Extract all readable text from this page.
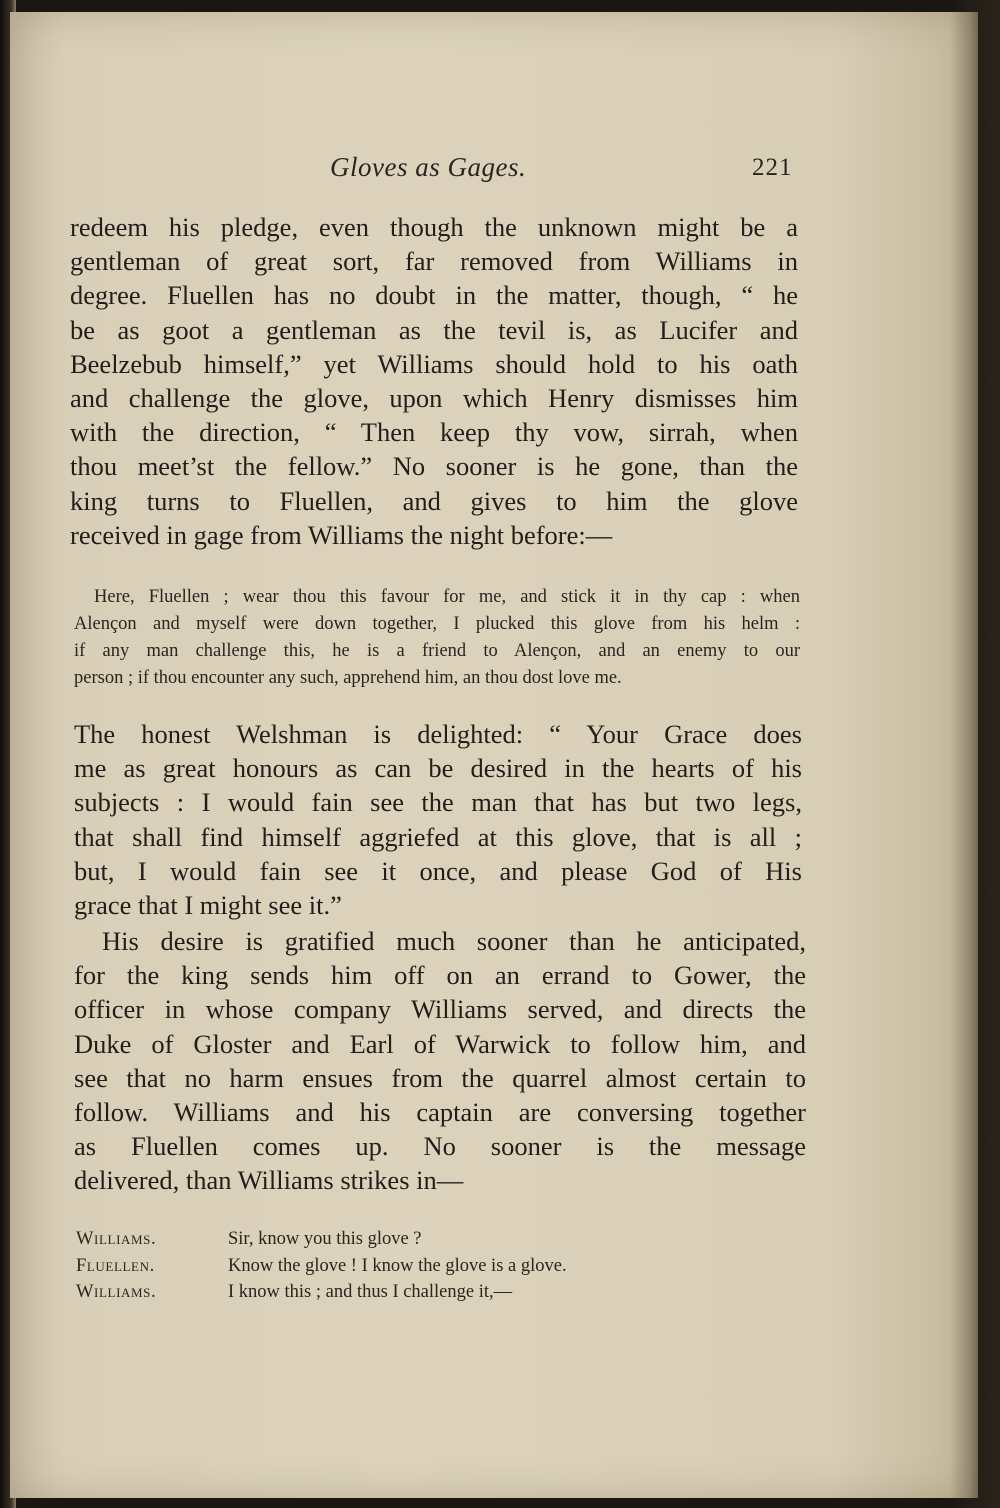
Gloves as Gages.	221
redeem his pledge, even though the unknown might be a
gentleman of great sort, far removed from Williams in
degree. Fluellen has no doubt in the matter, though, “ he
be as goot a gentleman as the tevil is, as Lucifer and
Beelzebub himself,” yet Williams should hold to his oath
and challenge the glove, upon which Henry dismisses him
with the direction, “ Then keep thy vow, sirrah, when
thou meet’st the fellow.” No sooner is he gone, than the
king turns to Fluellen, and gives to him the glove
received in gage from Williams the night before:—
Here, Fluellen ; wear thou this favour for me, and stick it in thy cap : when
Alençon and myself were down together, I plucked this glove from his helm :
if any man challenge this, he is a friend to Alençon, and an enemy to our
person ; if thou encounter any such, apprehend him, an thou dost love me.
The honest Welshman is delighted: “ Your Grace does
me as great honours as can be desired in the hearts of his
subjects : I would fain see the man that has but two legs,
that shall find himself aggriefed at this glove, that is all ;
but, I would fain see it once, and please God of His
grace that I might see it.”
His desire is gratified much sooner than he anticipated,
for the king sends him off on an errand to Gower, the
officer in whose company Williams served, and directs the
Duke of Gloster and Earl of Warwick to follow him, and
see that no harm ensues from the quarrel almost certain to
follow. Williams and his captain are conversing together
as Fluellen comes up. No sooner is the message
delivered, than Williams strikes in—
Williams.	Sir, know you this glove ?
Fluellen.	Know the glove ! I know the glove is a glove.
Williams.	I know this ; and thus I challenge it,—
